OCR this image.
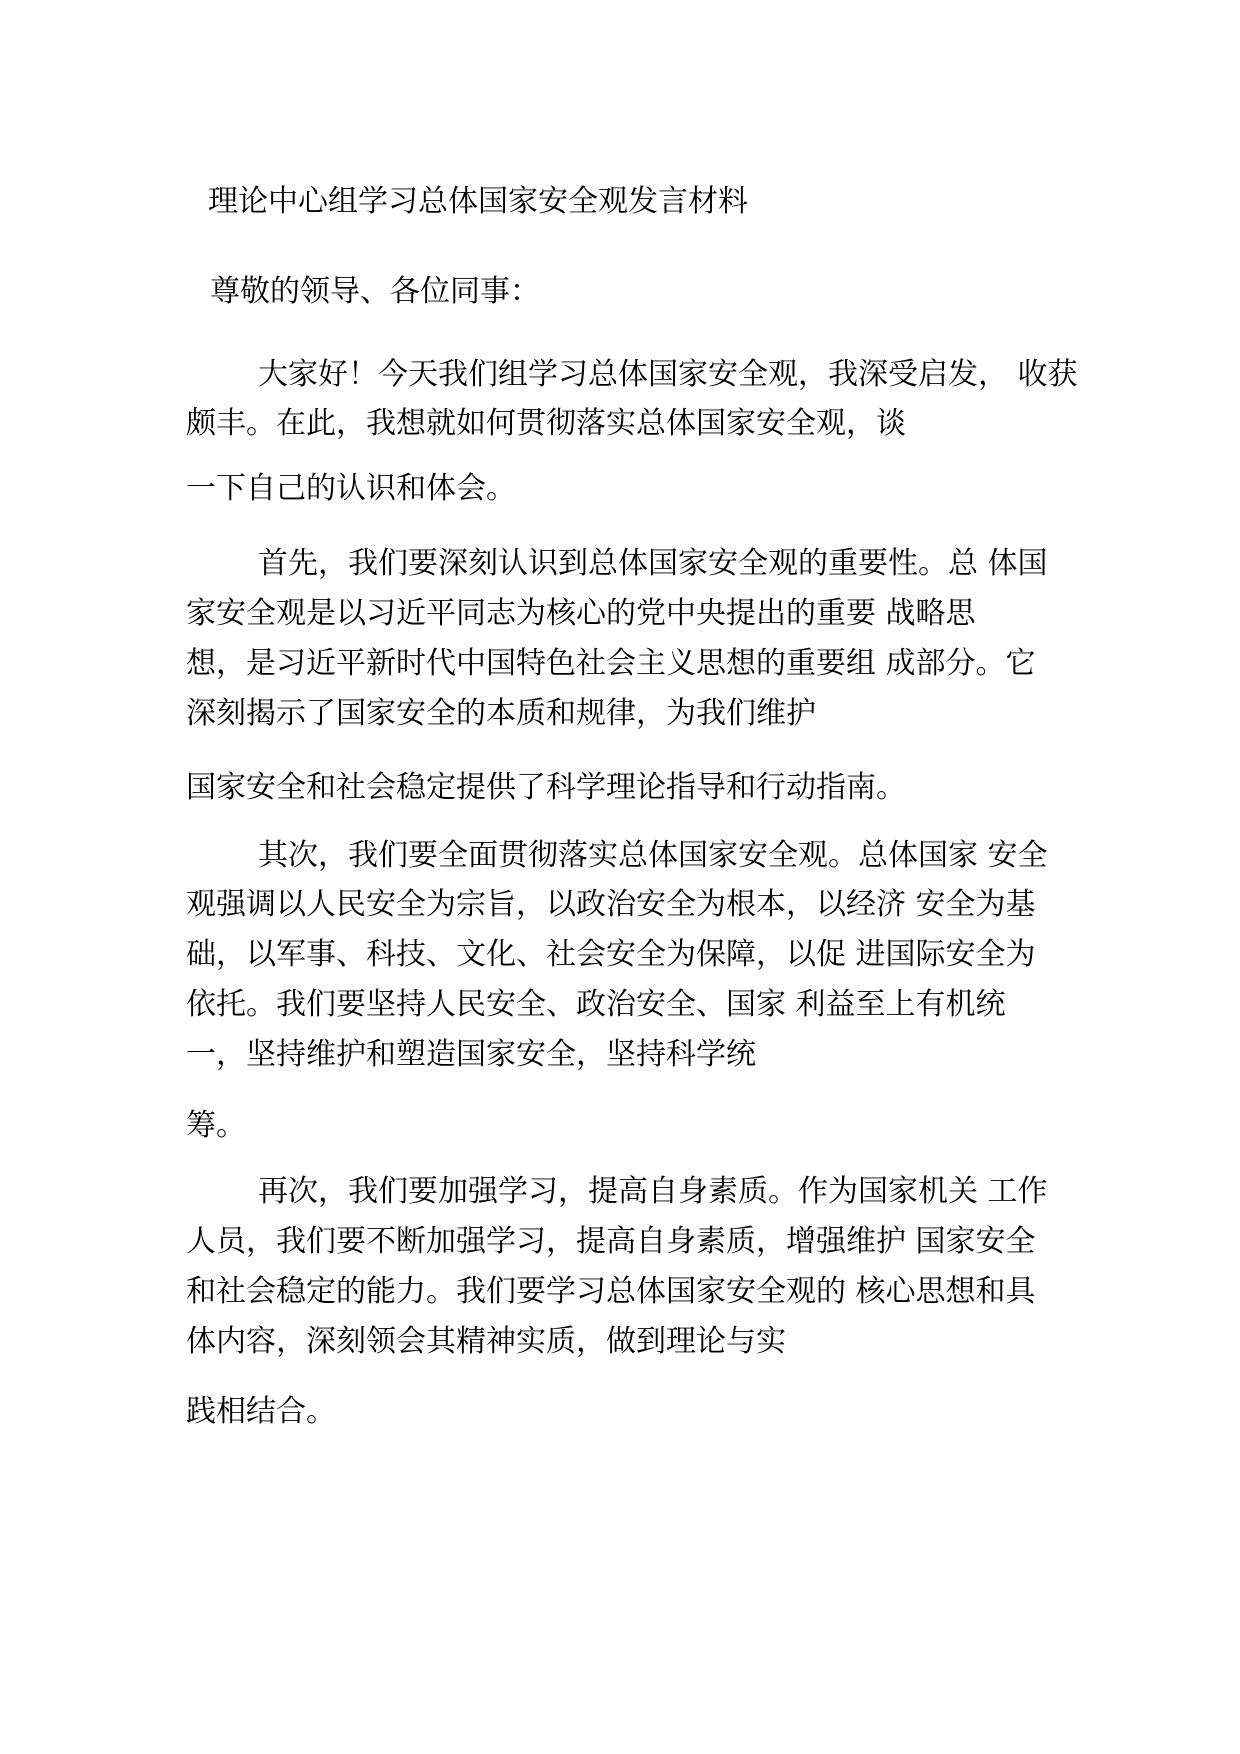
理论中心组学习总体国家安全观发言材料

尊敬的领导、各位同事：

大家好！今天我们组学习总体国家安全观，我深受启发， 收获

颇丰。在此，我想就如何贯彻落实总体国家安全观，谈

一下自己的认识和体会。

首先，我们要深刻认识到总体国家安全观的重要性。总 体国

家安全观是以习近平同志为核心的党中央提出的重要 战略思

想，是习近平新时代中国特色社会主义思想的重要组 成部分。它

深刻揭示了国家安全的本质和规律，为我们维护

国家安全和社会稳定提供了科学理论指导和行动指南。

其次，我们要全面贯彻落实总体国家安全观。总体国家 安全

观强调以人民安全为宗旨，以政治安全为根本，以经济 安全为基

础，以军事、科技、文化、社会安全为保障，以促 进国际安全为

依托。我们要坚持人民安全、政治安全、国家 利益至上有机统

一，坚持维护和塑造国家安全，坚持科学统

筹。

再次，我们要加强学习，提高自身素质。作为国家机关 工作

人员，我们要不断加强学习，提高自身素质，增强维护 国家安全

和社会稳定的能力。我们要学习总体国家安全观的 核心思想和具

体内容，深刻领会其精神实质，做到理论与实

践相结合。
